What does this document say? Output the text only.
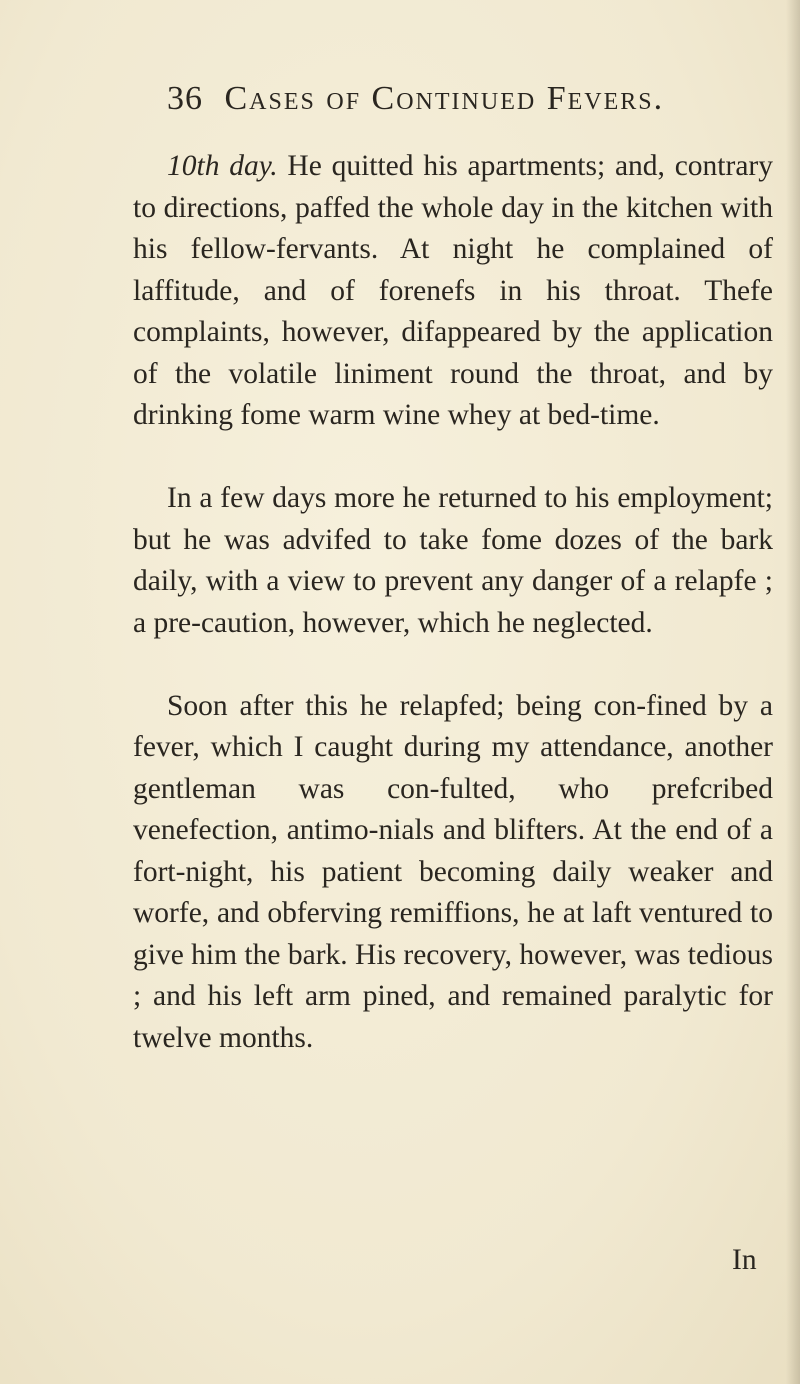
36 Cases of Continued Fevers.

10th day. He quitted his apartments; and, contrary to directions, paffed the whole day in the kitchen with his fellow-fervants. At night he complained of laffitude, and of forenefs in his throat. Thefe complaints, however, difappeared by the application of the volatile liniment round the throat, and by drinking fome warm wine whey at bed-time.

In a few days more he returned to his employment; but he was advifed to take fome dozes of the bark daily, with a view to prevent any danger of a relapfe ; a pre-caution, however, which he neglected.

Soon after this he relapfed; being con-fined by a fever, which I caught during my attendance, another gentleman was con-fulted, who prefcribed venefection, antimo-nials and blifters. At the end of a fort-night, his patient becoming daily weaker and worfe, and obferving remiffions, he at laft ventured to give him the bark. His recovery, however, was tedious ; and his left arm pined, and remained paralytic for twelve months.

In
